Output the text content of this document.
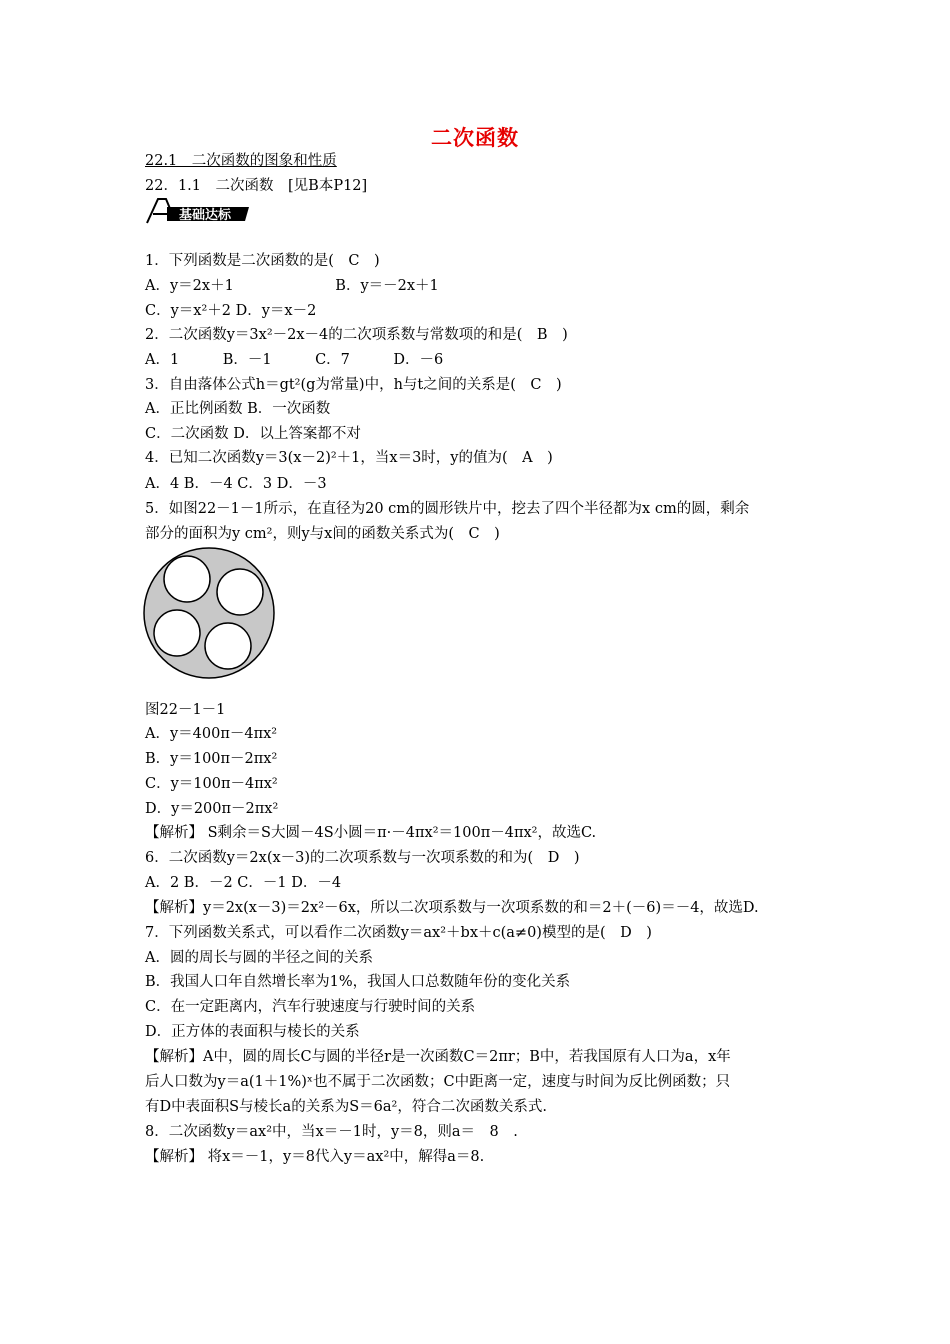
二次函数
22.1　二次函数的图象和性质
22．1.1　二次函数　[见B本P12]
基础达标
1．下列函数是二次函数的是(　C　)
A．y＝2x＋1　　　　　　　B．y＝－2x＋1
C．y＝x²＋2 D．y＝x－2
2．二次函数y＝3x²－2x－4的二次项系数与常数项的和是(　B　)
A．1　　　B．－1　　　C．7　　　D．－6
3．自由落体公式h＝gt²(g为常量)中，h与t之间的关系是(　C　)
A．正比例函数 B．一次函数
C．二次函数 D．以上答案都不对
4．已知二次函数y＝3(x－2)²＋1，当x＝3时，y的值为(　A　)
A．4 B．－4 C．3 D．－3
5．如图22－1－1所示，在直径为20 cm的圆形铁片中，挖去了四个半径都为x cm的圆，剩余
部分的面积为y cm²，则y与x间的函数关系式为(　C　)
图22－1－1
A．y＝400π－4πx²
B．y＝100π－2πx²
C．y＝100π－4πx²
D．y＝200π－2πx²
【解析】 S剩余＝S大圆－4S小圆＝π·－4πx²＝100π－4πx²，故选C.
6．二次函数y＝2x(x－3)的二次项系数与一次项系数的和为(　D　)
A．2 B．－2 C．－1 D．－4
【解析】y＝2x(x－3)＝2x²－6x，所以二次项系数与一次项系数的和＝2＋(－6)＝－4，故选D.
7．下列函数关系式，可以看作二次函数y＝ax²＋bx＋c(a≠0)模型的是(　D　)
A．圆的周长与圆的半径之间的关系
B．我国人口年自然增长率为1%，我国人口总数随年份的变化关系
C．在一定距离内，汽车行驶速度与行驶时间的关系
D．正方体的表面积与棱长的关系
【解析】A中，圆的周长C与圆的半径r是一次函数C＝2πr；B中，若我国原有人口为a，x年
后人口数为y＝a(1＋1%)ˣ也不属于二次函数；C中距离一定，速度与时间为反比例函数；只
有D中表面积S与棱长a的关系为S＝6a²，符合二次函数关系式.
8．二次函数y＝ax²中，当x＝－1时，y＝8，则a＝　8　.
【解析】 将x＝－1，y＝8代入y＝ax²中，解得a＝8.
